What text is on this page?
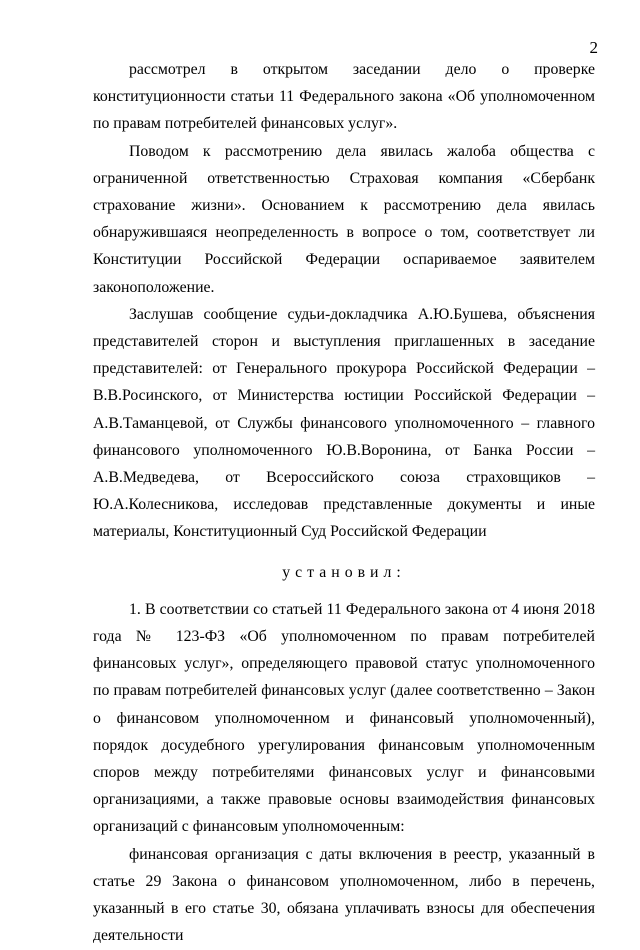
2

рассмотрел в открытом заседании дело о проверке конституционности статьи 11 Федерального закона «Об уполномоченном по правам потребителей финансовых услуг».

Поводом к рассмотрению дела явилась жалоба общества с ограниченной ответственностью Страховая компания «Сбербанк страхование жизни». Основанием к рассмотрению дела явилась обнаружившаяся неопределенность в вопросе о том, соответствует ли Конституции Российской Федерации оспариваемое заявителем законоположение.

Заслушав сообщение судьи-докладчика А.Ю.Бушева, объяснения представителей сторон и выступления приглашенных в заседание представителей: от Генерального прокурора Российской Федерации – В.В.Росинского, от Министерства юстиции Российской Федерации – А.В.Таманцевой, от Службы финансового уполномоченного – главного финансового уполномоченного Ю.В.Воронина, от Банка России – А.В.Медведева, от Всероссийского союза страховщиков – Ю.А.Колесникова, исследовав представленные документы и иные материалы, Конституционный Суд Российской Федерации

установил:

1. В соответствии со статьей 11 Федерального закона от 4 июня 2018 года № 123-ФЗ «Об уполномоченном по правам потребителей финансовых услуг», определяющего правовой статус уполномоченного по правам потребителей финансовых услуг (далее соответственно – Закон о финансовом уполномоченном и финансовый уполномоченный), порядок досудебного урегулирования финансовым уполномоченным споров между потребителями финансовых услуг и финансовыми организациями, а также правовые основы взаимодействия финансовых организаций с финансовым уполномоченным:

финансовая организация с даты включения в реестр, указанный в статье 29 Закона о финансовом уполномоченном, либо в перечень, указанный в его статье 30, обязана уплачивать взносы для обеспечения деятельности
